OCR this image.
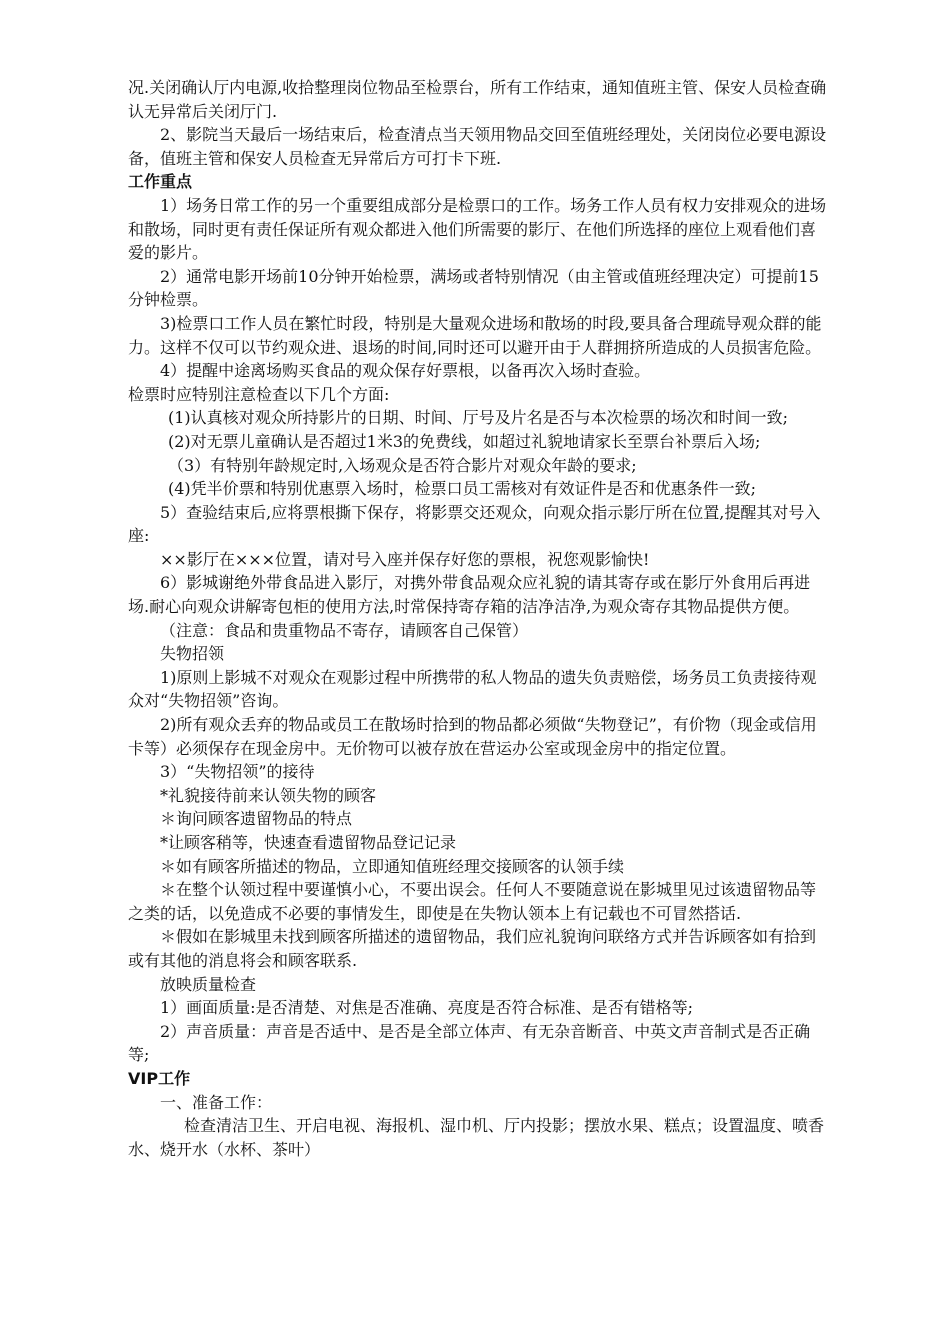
况.关闭确认厅内电源,收拾整理岗位物品至检票台，所有工作结束，通知值班主管、保安人员检查确认无异常后关闭厅门.

2、影院当天最后一场结束后，检查清点当天领用物品交回至值班经理处，关闭岗位必要电源设备，值班主管和保安人员检查无异常后方可打卡下班.

工作重点

1）场务日常工作的另一个重要组成部分是检票口的工作。场务工作人员有权力安排观众的进场和散场，同时更有责任保证所有观众都进入他们所需要的影厅、在他们所选择的座位上观看他们喜爱的影片。

2）通常电影开场前10分钟开始检票，满场或者特别情况（由主管或值班经理决定）可提前15分钟检票。

3)检票口工作人员在繁忙时段，特别是大量观众进场和散场的时段,要具备合理疏导观众群的能力。这样不仅可以节约观众进、退场的时间,同时还可以避开由于人群拥挤所造成的人员损害危险。

4）提醒中途离场购买食品的观众保存好票根，以备再次入场时查验。

检票时应特别注意检查以下几个方面:

(1)认真核对观众所持影片的日期、时间、厅号及片名是否与本次检票的场次和时间一致;

(2)对无票儿童确认是否超过1米3的免费线，如超过礼貌地请家长至票台补票后入场;

（3）有特别年龄规定时,入场观众是否符合影片对观众年龄的要求;

(4)凭半价票和特别优惠票入场时，检票口员工需核对有效证件是否和优惠条件一致;

5）查验结束后,应将票根撕下保存，将影票交还观众，向观众指示影厅所在位置,提醒其对号入座:

××影厅在×××位置，请对号入座并保存好您的票根，祝您观影愉快!

6）影城谢绝外带食品进入影厅，对携外带食品观众应礼貌的请其寄存或在影厅外食用后再进场.耐心向观众讲解寄包柜的使用方法,时常保持寄存箱的洁净洁净,为观众寄存其物品提供方便。

（注意：食品和贵重物品不寄存，请顾客自己保管）

失物招领

1)原则上影城不对观众在观影过程中所携带的私人物品的遗失负责赔偿，场务员工负责接待观众对“失物招领”咨询。

2)所有观众丢弃的物品或员工在散场时拾到的物品都必须做“失物登记”，有价物（现金或信用卡等）必须保存在现金房中。无价物可以被存放在营运办公室或现金房中的指定位置。

3）“失物招领”的接待

*礼貌接待前来认领失物的顾客

＊询问顾客遗留物品的特点

*让顾客稍等，快速查看遗留物品登记记录

＊如有顾客所描述的物品，立即通知值班经理交接顾客的认领手续

＊在整个认领过程中要谨慎小心，不要出误会。任何人不要随意说在影城里见过该遗留物品等之类的话，以免造成不必要的事情发生，即使是在失物认领本上有记载也不可冒然搭话.

＊假如在影城里未找到顾客所描述的遗留物品，我们应礼貌询问联络方式并告诉顾客如有拾到或有其他的消息将会和顾客联系.

放映质量检查

1）画面质量:是否清楚、对焦是否准确、亮度是否符合标准、是否有错格等;

2）声音质量：声音是否适中、是否是全部立体声、有无杂音断音、中英文声音制式是否正确等;

VIP工作

一、准备工作：

检查清洁卫生、开启电视、海报机、湿巾机、厅内投影；摆放水果、糕点；设置温度、喷香水、烧开水（水杯、茶叶）
